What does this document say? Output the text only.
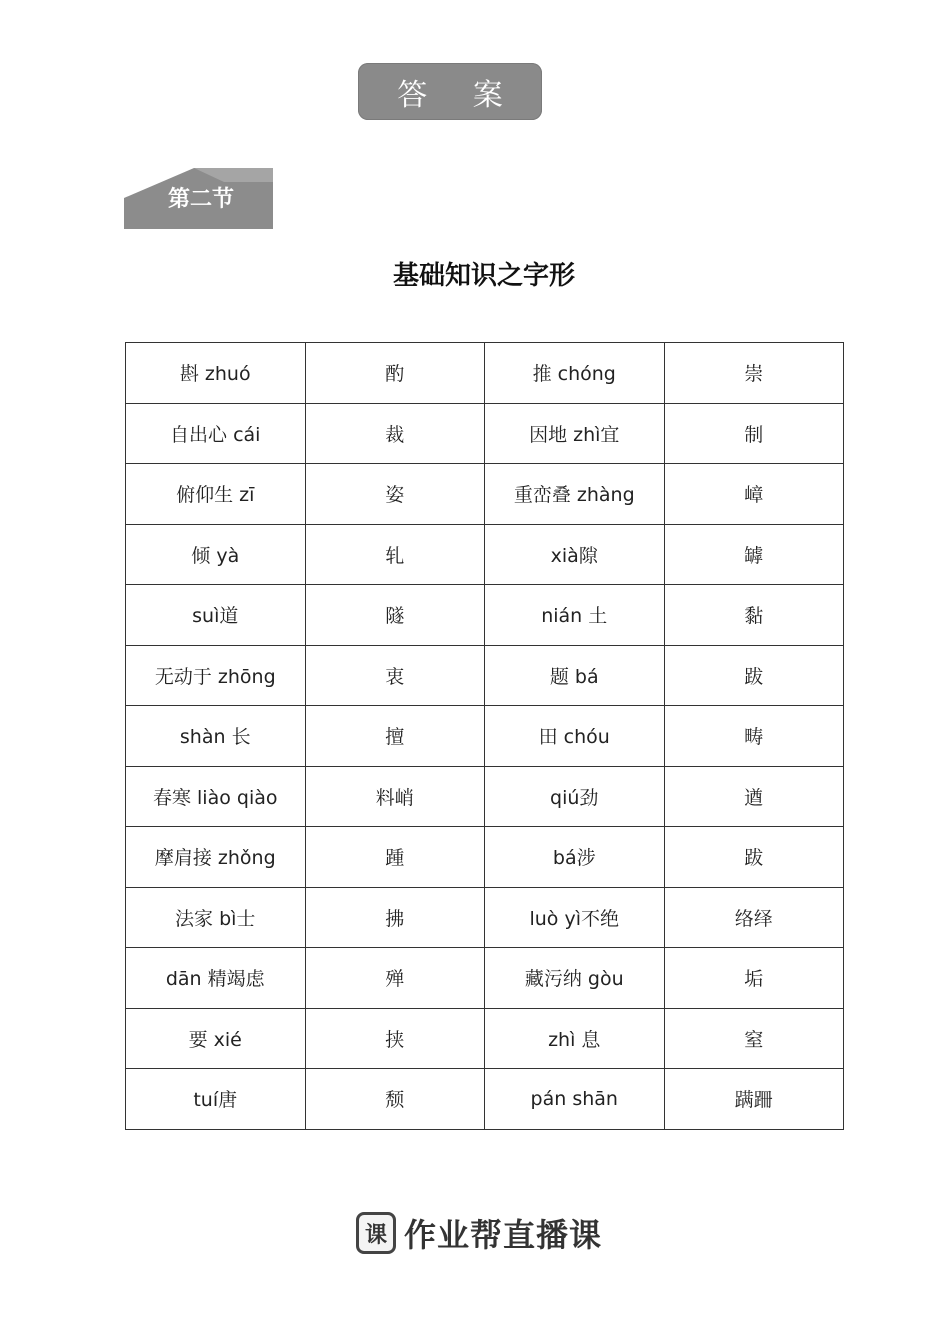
答 案
第二节
基础知识之字形
斟 zhuó	酌	推 chóng	崇
自出心 cái	裁	因地 zhì宜	制
俯仰生 zī	姿	重峦叠 zhàng	嶂
倾 yà	轧	xià隙	罅
suì道	隧	nián 土	黏
无动于 zhōng	衷	题 bá	跋
shàn 长	擅	田 chóu	畴
春寒 liào qiào	料峭	qiú劲	遒
摩肩接 zhǒng	踵	bá涉	跋
法家 bì士	拂	luò yì不绝	络绎
dān 精竭虑	殚	藏污纳 gòu	垢
要 xié	挟	zhì 息	窒
tuí唐	颓	pán shān	蹒跚
课 作业帮直播课
